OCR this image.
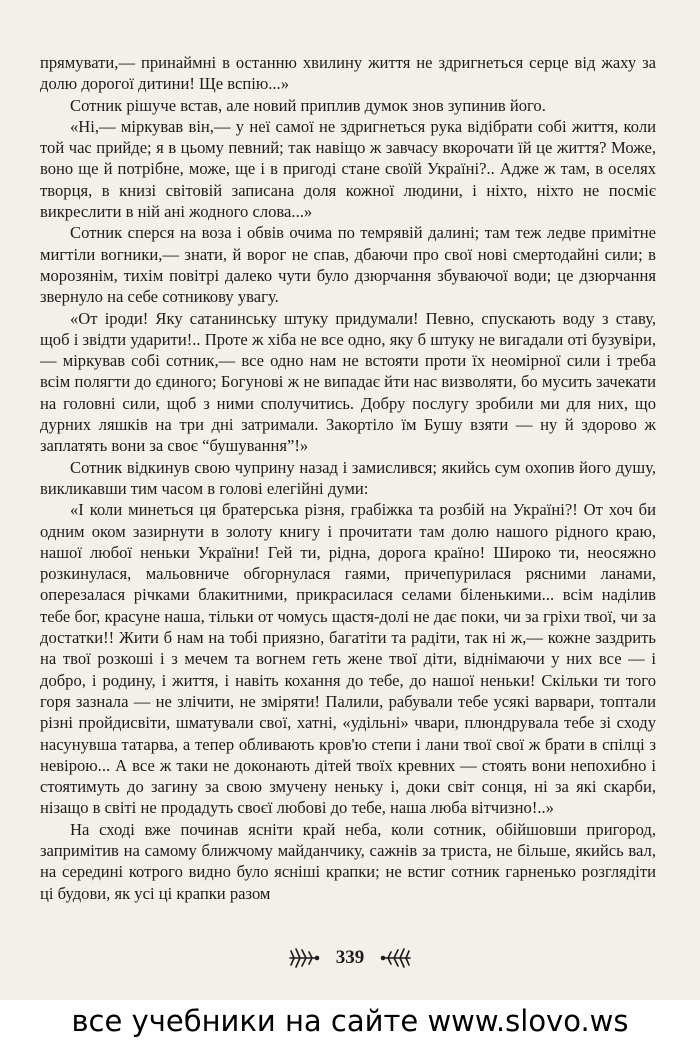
прямувати,— принаймні в останню хвилину життя не здригнеться серце від жаху за долю дорогої дитини! Ще вспію...»

Сотник рішуче встав, але новий приплив думок знов зупинив його.

«Ні,— міркував він,— у неї самої не здригнеться рука відібрати собі життя, коли той час прийде; я в цьому певний; так навіщо ж завчасу вкорочати їй це життя? Може, воно ще й потрібне, може, ще і в пригоді стане своїй Україні?.. Адже ж там, в оселях творця, в книзі світовій записана доля кожної людини, і ніхто, ніхто не посміє викреслити в ній ані жодного слова...»

Сотник сперся на воза і обвів очима по темрявій далині; там теж ледве примітне мигтіли вогники,— знати, й ворог не спав, дбаючи про свої нові смертодайні сили; в морозянім, тихім повітрі далеко чути було дзюрчання збуваючої води; це дзюрчання звернуло на себе сотникову увагу.

«От іроди! Яку сатанинську штуку придумали! Певно, спускають воду з ставу, щоб і звідти ударити!.. Проте ж хіба не все одно, яку б штуку не вигадали оті бузувіри,— міркував собі сотник,— все одно нам не встояти проти їх неоміpної сили і треба всім полягти до єдиного; Богунові ж не випадає йти нас визволяти, бо мусить зачекати на головні сили, щоб з ними сполучитись. Добру послугу зробили ми для них, що дурних ляшків на три дні затримали. Закортіло їм Бушу взяти — ну й здорово ж заплатять вони за своє “бушування”!»

Сотник відкинув свою чуприну назад і замислився; якийсь сум охопив його душу, викликавши тим часом в голові елегійні думи:

«І коли минеться ця братерська різня, грабіжка та розбій на Україні?! От хоч би одним оком зазирнути в золоту книгу і прочитати там долю нашого рідного краю, нашої любої неньки України! Гей ти, рідна, дорога країно! Широко ти, неосяжно розкинулася, мальовниче обгорнулася гаями, причепурилася рясними ланами, оперезалася річками блакитними, прикрасилася селами біленькими... всім наділив тебе бог, красуне наша, тільки от чомусь щастя-долі не дає поки, чи за гріхи твої, чи за достатки!! Жити б нам на тобі приязно, багатіти та радіти, так ні ж,— кожне заздрить на твої розкоші і з мечем та вогнем геть жене твої діти, віднімаючи у них все — і добро, і родину, і життя, і навіть кохання до тебе, до нашої неньки! Скільки ти того горя зазнала — не злічити, не зміряти! Палили, рабували тебе усякі варвари, топтали різні пройдисвіти, шматували свої, хатні, «удільні» чвари, плюндрувала тебе зі сходу насунувша татарва, а тепер обливають кров'ю степи і лани твої свої ж брати в спілці з невірою... А все ж таки не доконають дітей твоїх кревних — стоять вони непохибно і стоятимуть до загину за свою змучену неньку і, доки світ сонця, ні за які скарби, нізащо в світі не продадуть своєї любові до тебе, наша люба вітчизно!..»

На сході вже починав ясніти край неба, коли сотник, обійшовши пригород, запримітив на самому ближчому майданчику, сажнів за триста, не більше, якийсь вал, на середині котрого видно було ясніші крапки; не встиг сотник гарненько розглядіти ці будови, як усі ці крапки разом

339
все учебники на сайте www.slovo.ws
